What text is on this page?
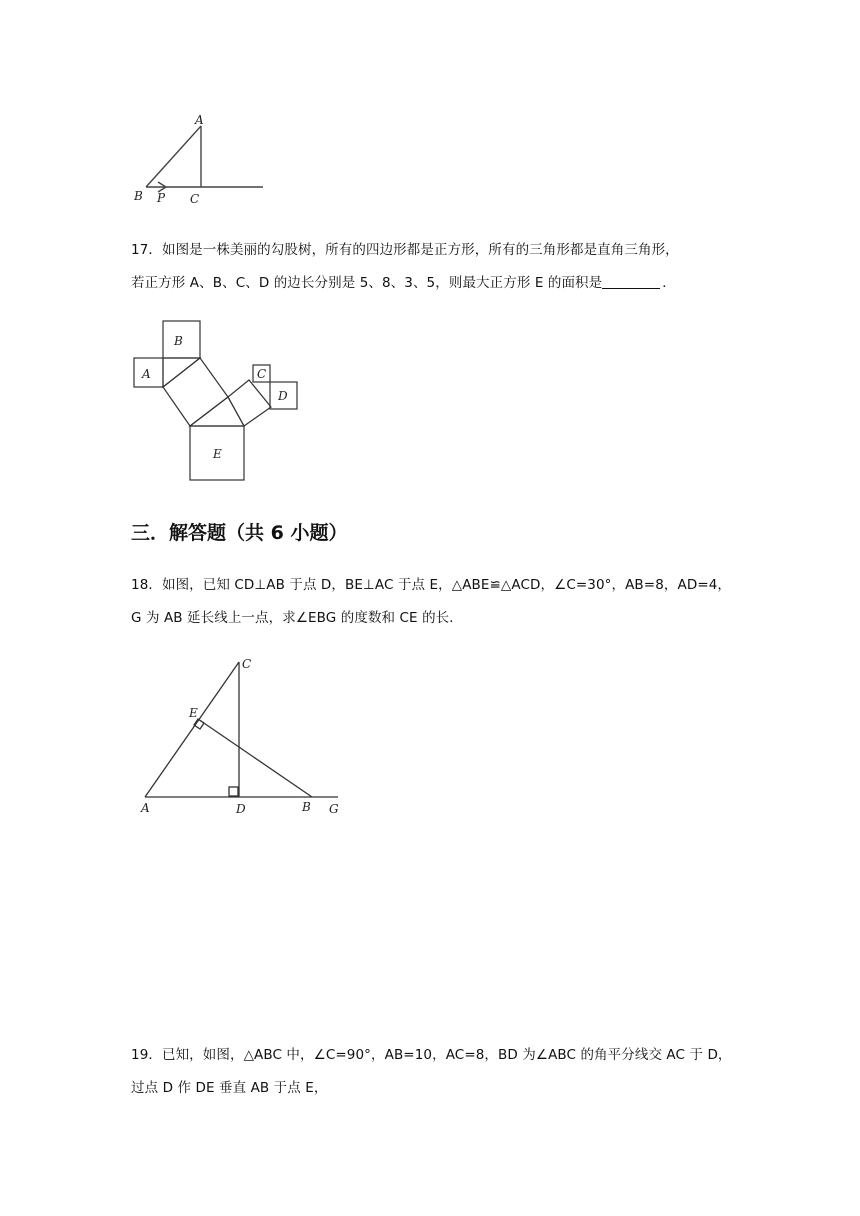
A
B P C
17．如图是一株美丽的勾股树，所有的四边形都是正方形，所有的三角形都是直角三角形，
若正方形 A、B、C、D 的边长分别是 5、8、3、5，则最大正方形 E 的面积是	．
A
B
C
D
E
三．解答题（共 6 小题）
18．如图，已知 CD⊥AB 于点 D，BE⊥AC 于点 E，△ABE≌△ACD，∠C=30°，AB=8，AD=4，
G 为 AB 延长线上一点，求∠EBG 的度数和 CE 的长．
C
E
A	D	B G
19．已知，如图，△ABC 中，∠C=90°，AB=10，AC=8，BD 为∠ABC 的角平分线交 AC 于 D，
过点 D 作 DE 垂直 AB 于点 E，
